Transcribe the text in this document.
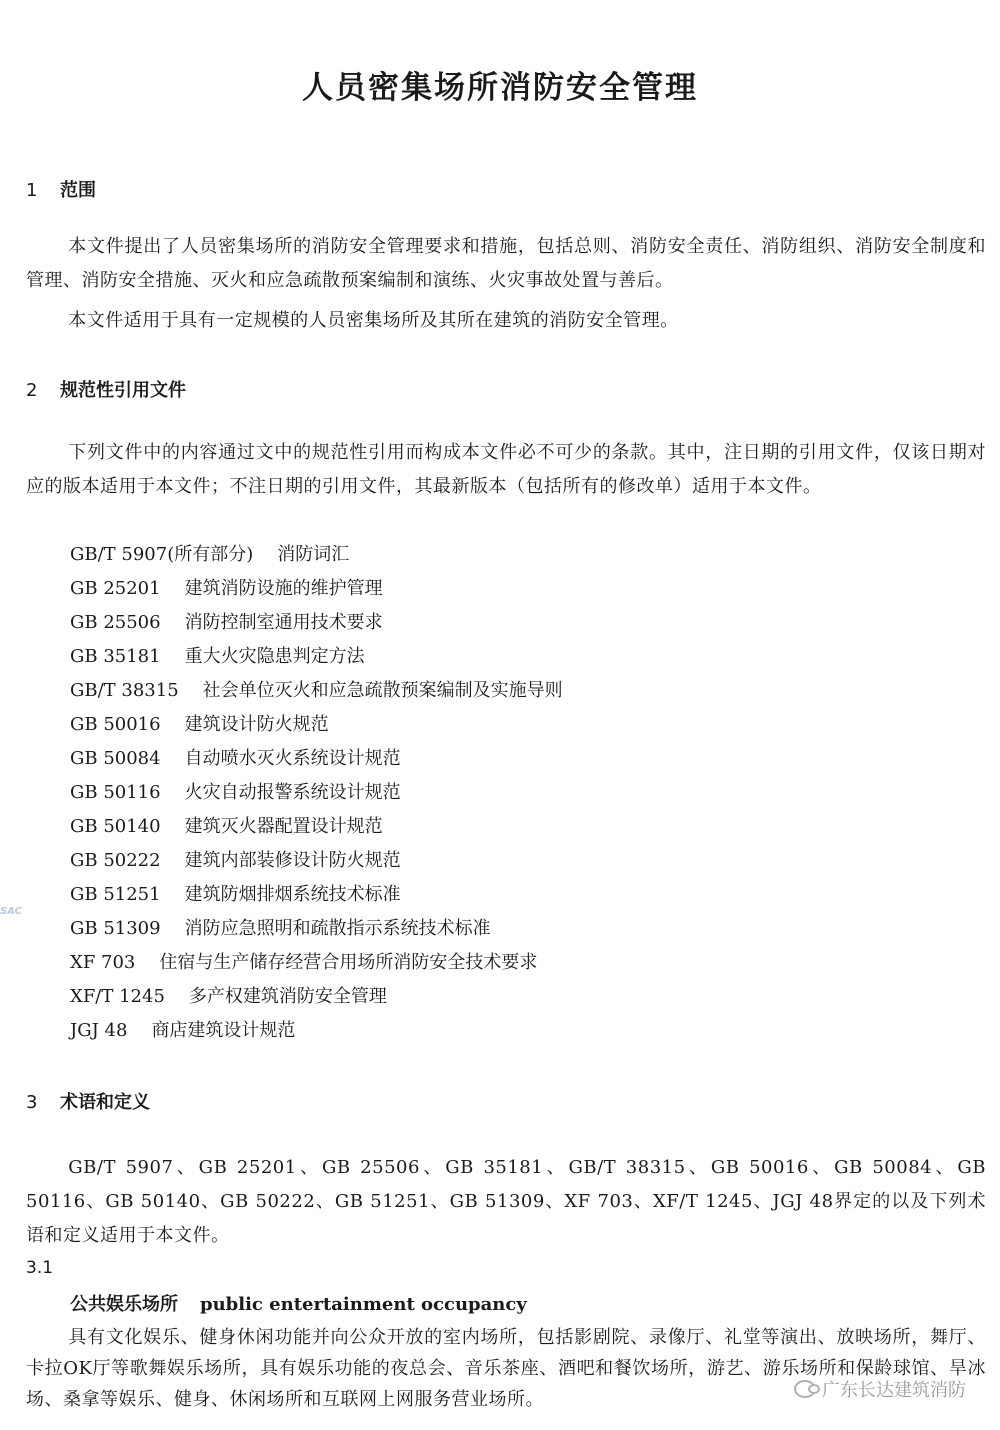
人员密集场所消防安全管理
1 范围
本文件提出了人员密集场所的消防安全管理要求和措施，包括总则、消防安全责任、消防组织、消防安全制度和管理、消防安全措施、灭火和应急疏散预案编制和演练、火灾事故处置与善后。
本文件适用于具有一定规模的人员密集场所及其所在建筑的消防安全管理。
2 规范性引用文件
下列文件中的内容通过文中的规范性引用而构成本文件必不可少的条款。其中，注日期的引用文件，仅该日期对应的版本适用于本文件；不注日期的引用文件，其最新版本（包括所有的修改单）适用于本文件。
GB/T 5907(所有部分) 消防词汇
GB 25201 建筑消防设施的维护管理
GB 25506 消防控制室通用技术要求
GB 35181 重大火灾隐患判定方法
GB/T 38315 社会单位灭火和应急疏散预案编制及实施导则
GB 50016 建筑设计防火规范
GB 50084 自动喷水灭火系统设计规范
GB 50116 火灾自动报警系统设计规范
GB 50140 建筑灭火器配置设计规范
GB 50222 建筑内部装修设计防火规范
GB 51251 建筑防烟排烟系统技术标准
GB 51309 消防应急照明和疏散指示系统技术标准
XF 703 住宿与生产储存经营合用场所消防安全技术要求
XF/T 1245 多产权建筑消防安全管理
JGJ 48 商店建筑设计规范
3 术语和定义
GB/T 5907、GB 25201、GB 25506、GB 35181、GB/T 38315、GB 50016、GB 50084、GB 50116、GB 50140、GB 50222、GB 51251、GB 51309、XF 703、XF/T 1245、JGJ 48界定的以及下列术语和定义适用于本文件。
3.1
公共娱乐场所 public entertainment occupancy
具有文化娱乐、健身休闲功能并向公众开放的室内场所，包括影剧院、录像厅、礼堂等演出、放映场所，舞厅、卡拉OK厅等歌舞娱乐场所，具有娱乐功能的夜总会、音乐茶座、酒吧和餐饮场所，游艺、游乐场所和保龄球馆、旱冰场、桑拿等娱乐、健身、休闲场所和互联网上网服务营业场所。
SAC
广东长达建筑消防
